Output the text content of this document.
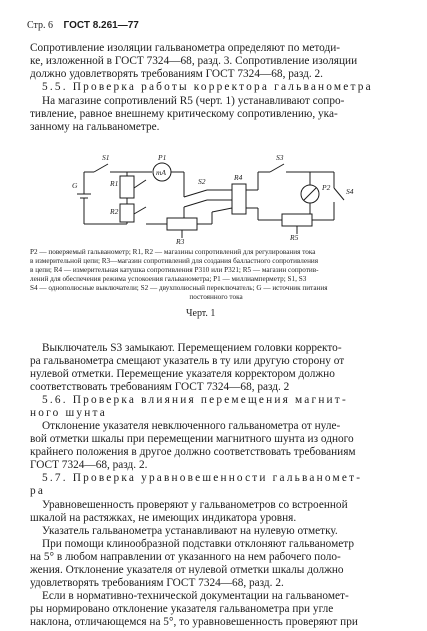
Стр. 6 ГОСТ 8.261—77
Сопротивление изоляции гальванометра определяют по методи-
ке, изложенной в ГОСТ 7324—68, разд. 3. Сопротивление изоляции
должно удовлетворять требованиям ГОСТ 7324—68, разд. 2.
5.5. Проверка работы корректора гальванометра
На магазине сопротивлений R5 (черт. 1) устанавливают сопро-
тивление, равное внешнему критическому сопротивлению, ука-
занному на гальванометре.
S1
G	R1
R2
P1
mA
S2
R3
R4
S3
P2
R5
S4
P2 — поверяемый гальванометр; R1, R2 — магазины сопротивлений для регулирования тока
в измерительной цепи; R3—магазин сопротивлений для создания балластного сопротивления
в цепи; R4 — измерительная катушка сопротивления Р310 или Р321; R5 — магазин сопротив-
лений для обеспечения режима успокоения гальванометра; P1 — миллиамперметр; S1, S3
S4 — однополюсные выключатели; S2 — двухполюсный переключатель; G — источник питания
постоянного тока
Черт. 1
Выключатель S3 замыкают. Перемещением головки корректо-
ра гальванометра смещают указатель в ту или другую сторону от
нулевой отметки. Перемещение указателя корректором должно
соответствовать требованиям ГОСТ 7324—68, разд. 2
5.6. Проверка влияния перемещения магнит-
ного шунта
Отклонение указателя невключенного гальванометра от нуле-
вой отметки шкалы при перемещении магнитного шунта из одного
крайнего положения в другое должно соответствовать требованиям
ГОСТ 7324—68, разд. 2.
5.7. Проверка уравновешенности гальваномет-
ра
Уравновешенность проверяют у гальванометров со встроенной
шкалой на растяжках, не имеющих индикатора уровня.
Указатель гальванометра устанавливают на нулевую отметку.
При помощи клинообразной подставки отклоняют гальванометр
на 5° в любом направлении от указанного на нем рабочего поло-
жения. Отклонение указателя от нулевой отметки шкалы должно
удовлетворять требованиям ГОСТ 7324—68, разд. 2.
Если в нормативно-технической документации на гальваномет-
ры нормировано отклонение указателя гальванометра при угле
наклона, отличающемся на 5°, то уравновешенность проверяют при
